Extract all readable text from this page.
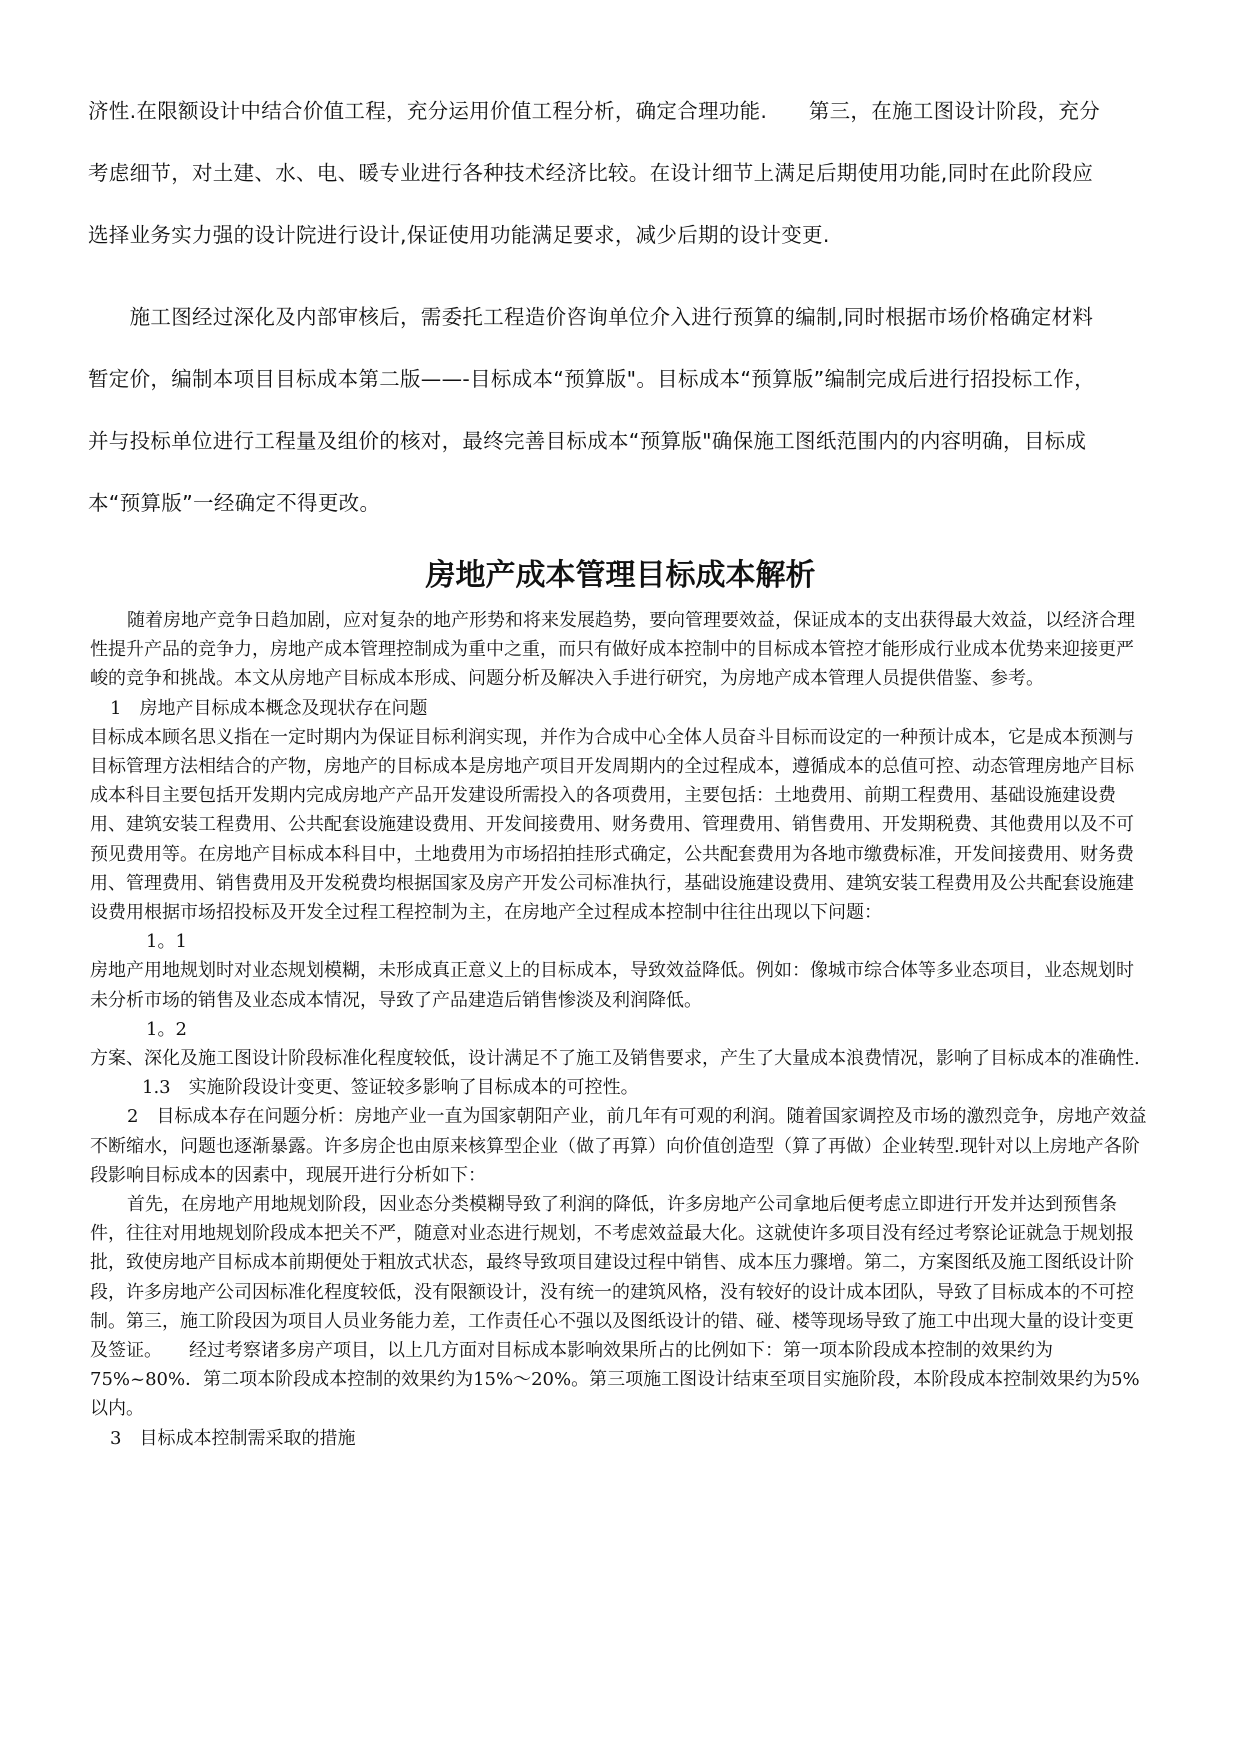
济性.在限额设计中结合价值工程，充分运用价值工程分析，确定合理功能.　　第三，在施工图设计阶段，充分

考虑细节，对土建、水、电、暖专业进行各种技术经济比较。在设计细节上满足后期使用功能,同时在此阶段应

选择业务实力强的设计院进行设计,保证使用功能满足要求，减少后期的设计变更.

　　施工图经过深化及内部审核后，需委托工程造价咨询单位介入进行预算的编制,同时根据市场价格确定材料

暂定价，编制本项目目标成本第二版——-目标成本“预算版"。目标成本“预算版”编制完成后进行招投标工作，

并与投标单位进行工程量及组价的核对，最终完善目标成本“预算版"确保施工图纸范围内的内容明确，目标成

本“预算版”一经确定不得更改。

房地产成本管理目标成本解析

随着房地产竞争日趋加剧，应对复杂的地产形势和将来发展趋势，要向管理要效益，保证成本的支出获得最大效益，以经济合理性提升产品的竞争力，房地产成本管理控制成为重中之重，而只有做好成本控制中的目标成本管控才能形成行业成本优势来迎接更严峻的竞争和挑战。本文从房地产目标成本形成、问题分析及解决入手进行研究，为房地产成本管理人员提供借鉴、参考。

1　房地产目标成本概念及现状存在问题

目标成本顾名思义指在一定时期内为保证目标利润实现，并作为合成中心全体人员奋斗目标而设定的一种预计成本，它是成本预测与目标管理方法相结合的产物，房地产的目标成本是房地产项目开发周期内的全过程成本，遵循成本的总值可控、动态管理房地产目标成本科目主要包括开发期内完成房地产产品开发建设所需投入的各项费用，主要包括：土地费用、前期工程费用、基础设施建设费用、建筑安装工程费用、公共配套设施建设费用、开发间接费用、财务费用、管理费用、销售费用、开发期税费、其他费用以及不可预见费用等。在房地产目标成本科目中，土地费用为市场招拍挂形式确定，公共配套费用为各地市缴费标准，开发间接费用、财务费用、管理费用、销售费用及开发税费均根据国家及房产开发公司标准执行，基础设施建设费用、建筑安装工程费用及公共配套设施建设费用根据市场招投标及开发全过程工程控制为主，在房地产全过程成本控制中往往出现以下问题：

1。1

房地产用地规划时对业态规划模糊，未形成真正意义上的目标成本，导致效益降低。例如：像城市综合体等多业态项目，业态规划时未分析市场的销售及业态成本情况，导致了产品建造后销售惨淡及利润降低。

1。2

方案、深化及施工图设计阶段标准化程度较低，设计满足不了施工及销售要求，产生了大量成本浪费情况，影响了目标成本的准确性.

1.3　实施阶段设计变更、签证较多影响了目标成本的可控性。

2　目标成本存在问题分析：房地产业一直为国家朝阳产业，前几年有可观的利润。随着国家调控及市场的激烈竞争，房地产效益不断缩水，问题也逐渐暴露。许多房企也由原来核算型企业（做了再算）向价值创造型（算了再做）企业转型.现针对以上房地产各阶段影响目标成本的因素中，现展开进行分析如下：

首先，在房地产用地规划阶段，因业态分类模糊导致了利润的降低，许多房地产公司拿地后便考虑立即进行开发并达到预售条件，往往对用地规划阶段成本把关不严，随意对业态进行规划，不考虑效益最大化。这就使许多项目没有经过考察论证就急于规划报批，致使房地产目标成本前期便处于粗放式状态，最终导致项目建设过程中销售、成本压力骤增。第二，方案图纸及施工图纸设计阶段，许多房地产公司因标准化程度较低，没有限额设计，没有统一的建筑风格，没有较好的设计成本团队，导致了目标成本的不可控制。第三，施工阶段因为项目人员业务能力差，工作责任心不强以及图纸设计的错、碰、楼等现场导致了施工中出现大量的设计变更及签证。　　经过考察诸多房产项目，以上几方面对目标成本影响效果所占的比例如下：第一项本阶段成本控制的效果约为75%~80%．第二项本阶段成本控制的效果约为15%～20%。第三项施工图设计结束至项目实施阶段，本阶段成本控制效果约为5%以内。

3　目标成本控制需采取的措施
